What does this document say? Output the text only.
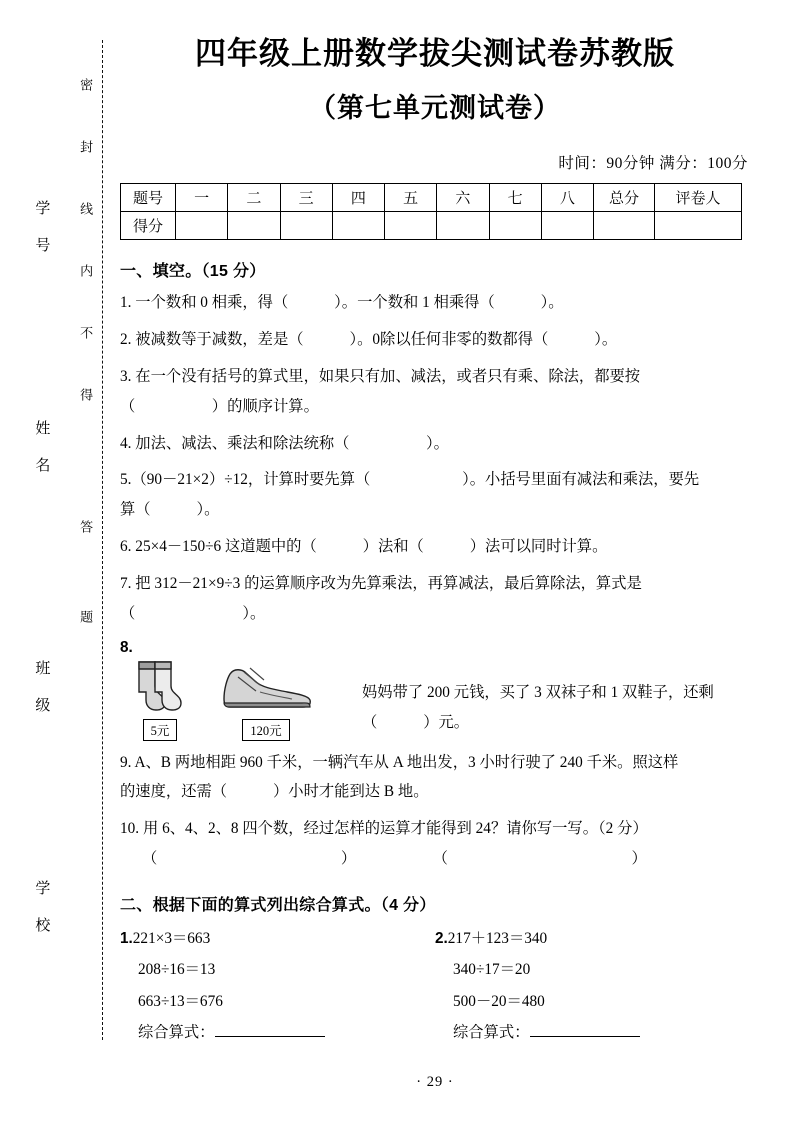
密
封
线
内
不
得
答
题
学 号
姓 名
班 级
学 校
四年级上册数学拔尖测试卷苏教版
（第七单元测试卷）
时间：90分钟 满分：100分
题号	一	二	三	四	五	六	七	八	总分	评卷人
得分										
一、填空。（15 分）
1. 一个数和 0 相乘，得（　　　）。一个数和 1 相乘得（　　　）。
2. 被减数等于减数，差是（　　　）。0除以任何非零的数都得（　　　）。
3. 在一个没有括号的算式里，如果只有加、减法，或者只有乘、除法，都要按
（　　　　　）的顺序计算。
4. 加法、减法、乘法和除法统称（　　　　　）。
5.（90－21×2）÷12，计算时要先算（　　　　　　）。小括号里面有减法和乘法，要先
算（　　　）。
6. 25×4－150÷6 这道题中的（　　　）法和（　　　）法可以同时计算。
7. 把 312－21×9÷3 的运算顺序改为先算乘法，再算减法，最后算除法，算式是
（　　　　　　　）。
8.
5元	120元
妈妈带了 200 元钱，买了 3 双袜子和 1 双鞋子，还剩（　　　）元。
9. A、B 两地相距 960 千米，一辆汽车从 A 地出发，3 小时行驶了 240 千米。照这样
的速度，还需（　　　）小时才能到达 B 地。
10. 用 6、4、2、8 四个数，经过怎样的运算才能得到 24？请你写一写。（2 分）
（　　　　　　　　　　　　）　　　　　　（　　　　　　　　　　　　）
二、根据下面的算式列出综合算式。（4 分）
1.221×3＝663
208÷16＝13
663÷13＝676
综合算式：
2.217＋123＝340
340÷17＝20
500－20＝480
综合算式：
· 29 ·
